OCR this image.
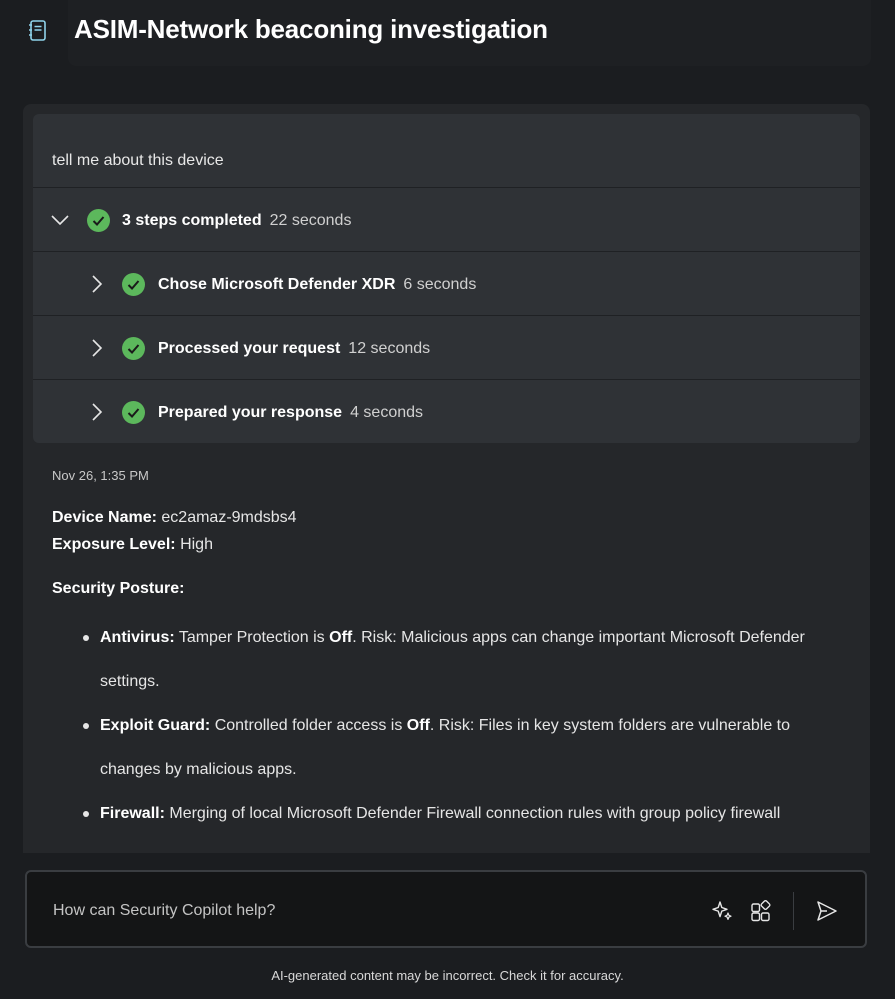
ASIM-Network beaconing investigation
tell me about this device
3 steps completed 22 seconds
Chose Microsoft Defender XDR 6 seconds
Processed your request 12 seconds
Prepared your response 4 seconds
Nov 26, 1:35 PM
Device Name: ec2amaz-9mdsbs4
Exposure Level: High
Security Posture:
Antivirus: Tamper Protection is Off. Risk: Malicious apps can change important Microsoft Defender settings.
Exploit Guard: Controlled folder access is Off. Risk: Files in key system folders are vulnerable to changes by malicious apps.
Firewall: Merging of local Microsoft Defender Firewall connection rules with group policy firewall
How can Security Copilot help?
AI-generated content may be incorrect. Check it for accuracy.
